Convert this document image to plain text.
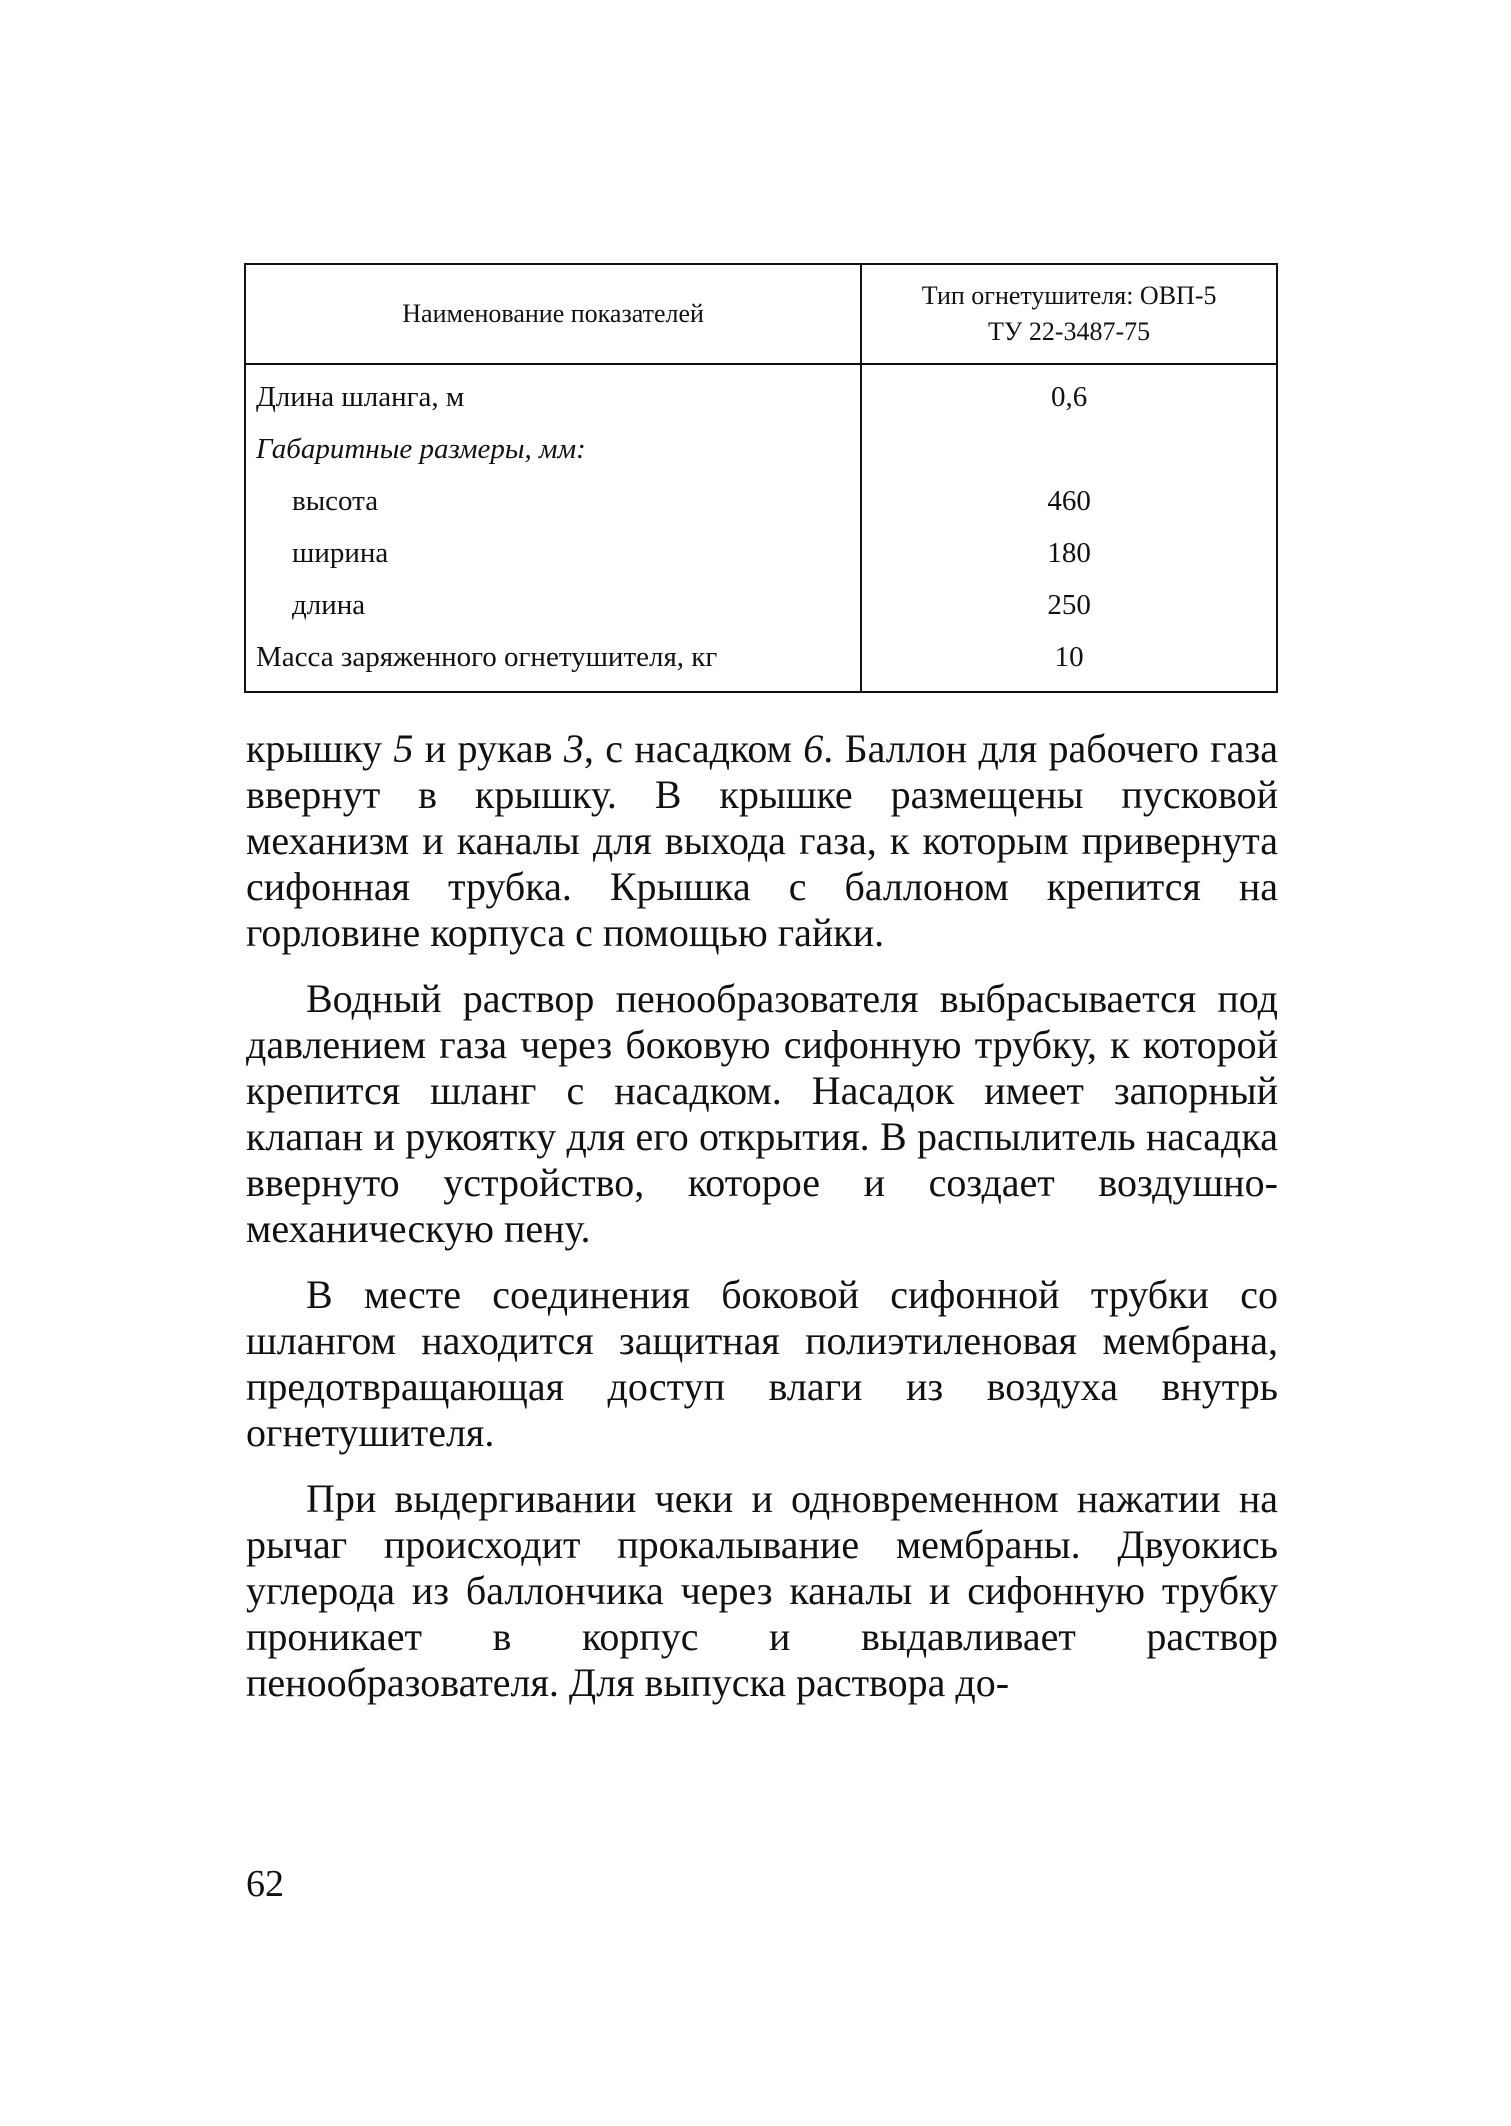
Наименование показателей	Тип огнетушителя: ОВП-5
ТУ 22-3487-75
Длина шланга, м	0,6
Габаритные размеры, мм:	
высота	460
ширина	180
длина	250
Масса заряженного огнетушителя, кг	10

крышку 5 и рукав 3, с насадком 6. Баллон для рабочего газа ввернут в крышку. В крышке размещены пусковой механизм и каналы для выхода газа, к которым привернута сифонная трубка. Крышка с баллоном крепится на горловине корпуса с помощью гайки.

Водный раствор пенообразователя выбрасывается под давлением газа через боковую сифонную трубку, к которой крепится шланг с насадком. Насадок имеет запорный клапан и рукоятку для его открытия. В распылитель насадка ввернуто устройство, которое и создает воздушно-механическую пену.

В месте соединения боковой сифонной трубки со шлангом находится защитная полиэтиленовая мембрана, предотвращающая доступ влаги из воздуха внутрь огнетушителя.

При выдергивании чеки и одновременном нажатии на рычаг происходит прокалывание мембраны. Двуокись углерода из баллончика через каналы и сифонную трубку проникает в корпус и выдавливает раствор пенообразователя. Для выпуска раствора до-

62
